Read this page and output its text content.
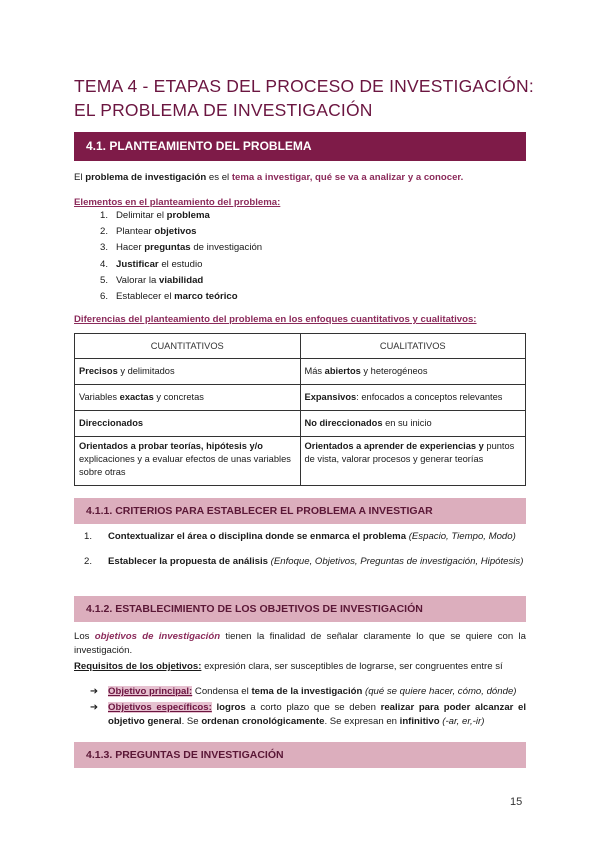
TEMA 4 - ETAPAS DEL PROCESO DE INVESTIGACIÓN: EL PROBLEMA DE INVESTIGACIÓN
4.1. PLANTEAMIENTO DEL PROBLEMA
El problema de investigación es el tema a investigar, qué se va a analizar y a conocer.
Elementos en el planteamiento del problema:
1. Delimitar el problema
2. Plantear objetivos
3. Hacer preguntas de investigación
4. Justificar el estudio
5. Valorar la viabilidad
6. Establecer el marco teórico
Diferencias del planteamiento del problema en los enfoques cuantitativos y cualitativos:
CUANTITATIVOS	CUALITATIVOS
Precisos y delimitados	Más abiertos y heterogéneos
Variables exactas y concretas	Expansivos: enfocados a conceptos relevantes
Direccionados	No direccionados en su inicio
Orientados a probar teorías, hipótesis y/o explicaciones y a evaluar efectos de unas variables sobre otras	Orientados a aprender de experiencias y puntos de vista, valorar procesos y generar teorías
4.1.1. CRITERIOS PARA ESTABLECER EL PROBLEMA A INVESTIGAR
1.	Contextualizar el área o disciplina donde se enmarca el problema (Espacio, Tiempo, Modo)
2.	Establecer la propuesta de análisis (Enfoque, Objetivos, Preguntas de investigación, Hipótesis)
4.1.2. ESTABLECIMIENTO DE LOS OBJETIVOS DE INVESTIGACIÓN
Los objetivos de investigación tienen la finalidad de señalar claramente lo que se quiere con la investigación.
Requisitos de los objetivos: expresión clara, ser susceptibles de lograrse, ser congruentes entre sí
➔ Objetivo principal: Condensa el tema de la investigación (qué se quiere hacer, cómo, dónde)
➔ Objetivos específicos: logros a corto plazo que se deben realizar para poder alcanzar el objetivo general. Se ordenan cronológicamente. Se expresan en infinitivo (-ar, er,-ir)
4.1.3. PREGUNTAS DE INVESTIGACIÓN
15
